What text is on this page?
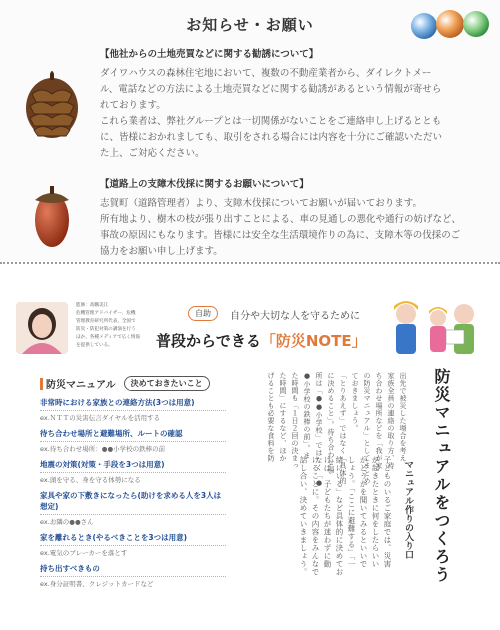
お知らせ・お願い
【他社からの土地売買などに関する勧誘について】

ダイワハウスの森林住宅地において、複数の不動産業者から、ダイレクトメー

ル、電話などの方法による土地売買などに関する勧誘があるという情報が寄せら

れております。

これら業者は、弊社グループとは一切関係がないことをご連絡申し上げるととも

に、皆様におかれましても、取引をされる場合には内容を十分にご確認いただい

た上、ご対応ください。

【道路上の支障木伐採に関するお願いについて】

志賀町（道路管理者）より、支障木伐採についてお願いが届いております。

所有地より、樹木の枝が張り出すことによる、車の見通しの悪化や通行の妨げなど、

事故の原因にもなります。皆様には安全な生活環境作りの為に、支障木等の伐採のご

協力をお願い申し上げます。

監修：高鵬美江
危機管理アドバイザー、危機
管理教育研究所代表。全国で
防災・防犯対策の講演を行う
ほか、各種メディアで広く情報
を提供している。
自助	自分や大切な人を守るために
普段からできる「防災NOTE」
防災マニュアル	決めておきたいこと
非常時における家族との連絡方法(3つは用意)
ex.ＮＴＴの災害伝言ダイヤルを活用する
待ち合わせ場所と避難場所、ルートの確認
ex.待ち合わせ場所：●●小学校の鉄棒の前
地震の対策(対策・手段を3つは用意)
ex.頭を守る、身を守る体勢になる
家具や家の下敷きになったら(助けを求める人を3人は想定)
ex.お隣の●●さん
家を離れるとき(やるべきことを3つは用意)
ex.電気のブレーカーを落とす
持ち出すべきもの
ex.身分証明書、クレジットカードなど	防災マニュアルをつくろう
マニュアル作りの入り口
子どものいるご家庭では、災害
が起きたときに何をしたらいい
かどうかを聞いてみるといいで
しょう。「ここに避難する」「一
緒にいる」など具体的に決めてお
けば、子どもたちが迷わずに動
けることに。その内容をみんなで
話し合い、決めていきましょう。
出先で被災した場合を考え、
家族全員の連絡の取り方、待
ち合わせ場所などを「我が家
の防災マニュアル」としてまとめ
ておきましょう。
「とりあえず」ではなく「具体的
に決めること」。待ち合わせ場
所は「●●小学校」ではなく「●
●小学校の鉄棒の前」。ま
た時間も「１日２回の決まっ
た時間」にするなど、ほか
げることも必要な食料を防
